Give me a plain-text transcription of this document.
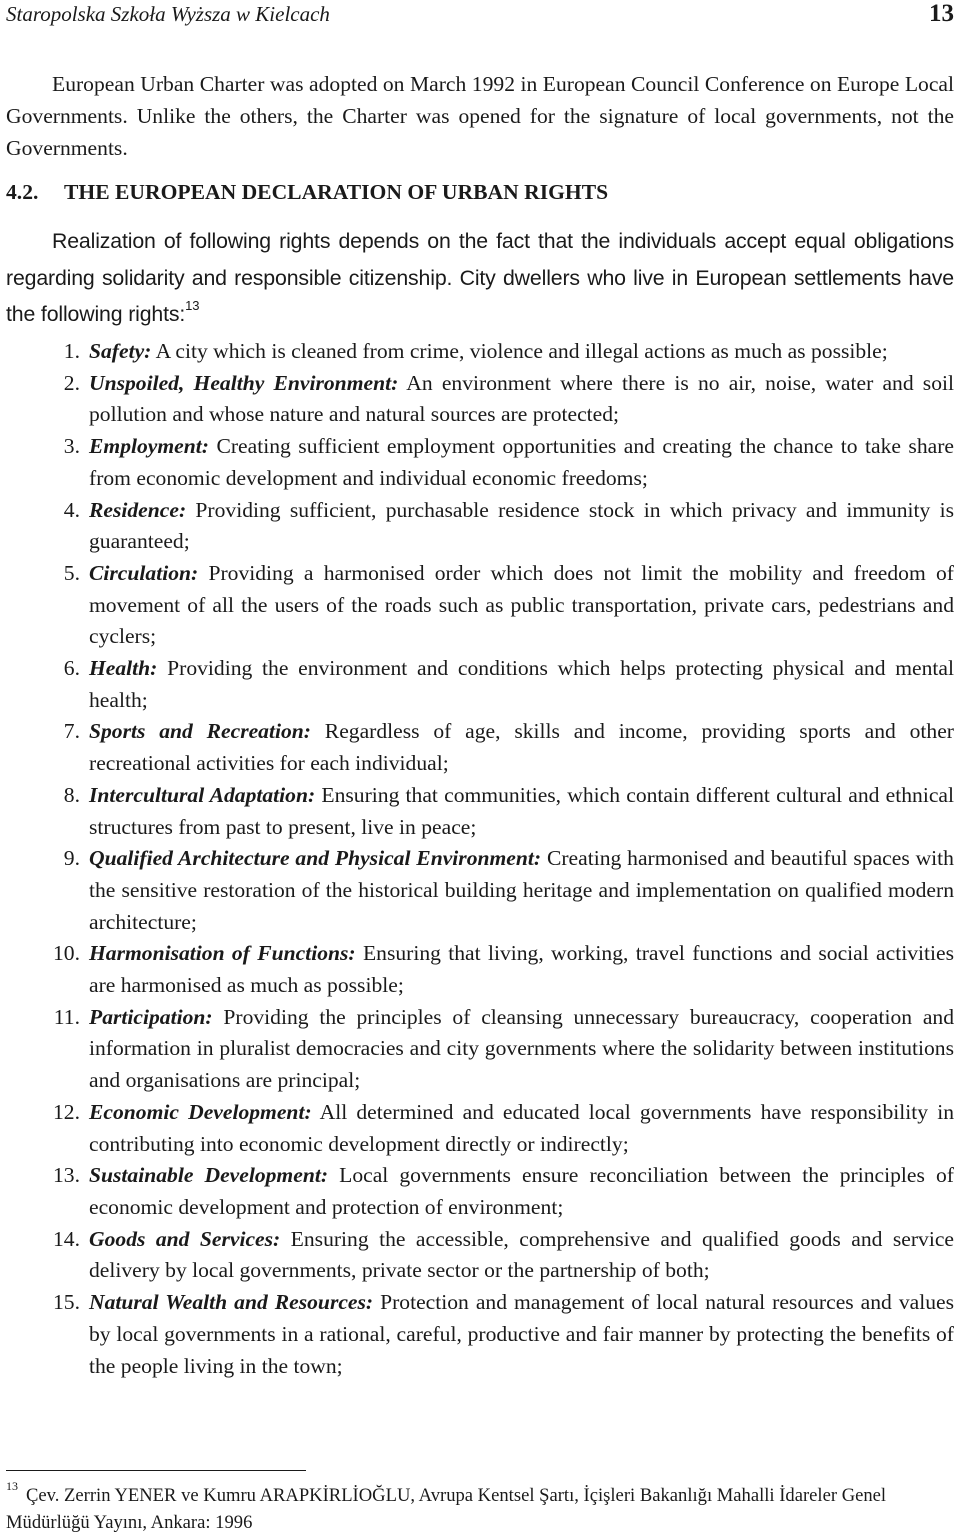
Staropolska Szkoła Wyższa w Kielcach	13

European Urban Charter was adopted on March 1992 in European Council Conference on Europe Local Governments. Unlike the others, the Charter was opened for the signature of local governments, not the Governments.

4.2. THE EUROPEAN DECLARATION OF URBAN RIGHTS

Realization of following rights depends on the fact that the individuals accept equal obligations regarding solidarity and responsible citizenship. City dwellers who live in European settlements have the following rights:$^{13}$

1. Safety: A city which is cleaned from crime, violence and illegal actions as much as possible;
2. Unspoiled, Healthy Environment: An environment where there is no air, noise, water and soil pollution and whose nature and natural sources are protected;
3. Employment: Creating sufficient employment opportunities and creating the chance to take share from economic development and individual economic freedoms;
4. Residence: Providing sufficient, purchasable residence stock in which privacy and immunity is guaranteed;
5. Circulation: Providing a harmonised order which does not limit the mobility and freedom of movement of all the users of the roads such as public transportation, private cars, pedestrians and cyclers;
6. Health: Providing the environment and conditions which helps protecting physical and mental health;
7. Sports and Recreation: Regardless of age, skills and income, providing sports and other recreational activities for each individual;
8. Intercultural Adaptation: Ensuring that communities, which contain different cultural and ethnical structures from past to present, live in peace;
9. Qualified Architecture and Physical Environment: Creating harmonised and beautiful spaces with the sensitive restoration of the historical building heritage and implementation on qualified modern architecture;
10. Harmonisation of Functions: Ensuring that living, working, travel functions and social activities are harmonised as much as possible;
11. Participation: Providing the principles of cleansing unnecessary bureaucracy, cooperation and information in pluralist democracies and city governments where the solidarity between institutions and organisations are principal;
12. Economic Development: All determined and educated local governments have responsibility in contributing into economic development directly or indirectly;
13. Sustainable Development: Local governments ensure reconciliation between the principles of economic development and protection of environment;
14. Goods and Services: Ensuring the accessible, comprehensive and qualified goods and service delivery by local governments, private sector or the partnership of both;
15. Natural Wealth and Resources: Protection and management of local natural resources and values by local governments in a rational, careful, productive and fair manner by protecting the benefits of the people living in the town;

$^{13}$ Çev. Zerrin YENER ve Kumru ARAPKİRLİOĞLU, Avrupa Kentsel Şartı, İçişleri Bakanlığı Mahalli İdareler Genel Müdürlüğü Yayını, Ankara: 1996
